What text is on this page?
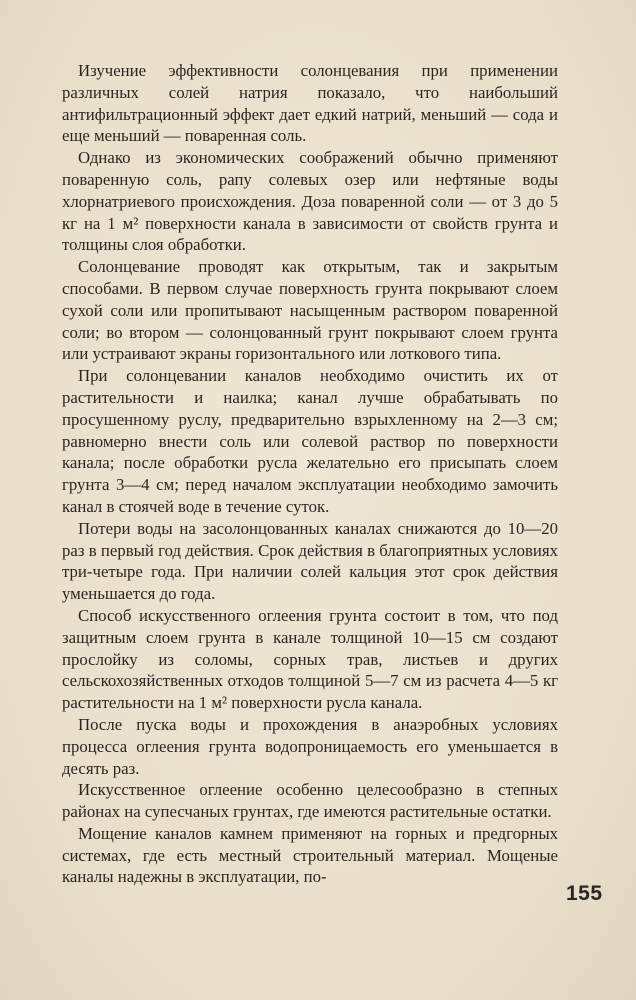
Изучение эффективности солонцевания при применении различных солей натрия показало, что наибольший антифильтрационный эффект дает едкий натрий, меньший — сода и еще меньший — поваренная соль.

Однако из экономических соображений обычно применяют поваренную соль, рапу солевых озер или нефтяные воды хлорнатриевого происхождения. Доза поваренной соли — от 3 до 5 кг на 1 м² поверхности канала в зависимости от свойств грунта и толщины слоя обработки.

Солонцевание проводят как открытым, так и закрытым способами. В первом случае поверхность грунта покрывают слоем сухой соли или пропитывают насыщенным раствором поваренной соли; во втором — солонцованный грунт покрывают слоем грунта или устраивают экраны горизонтального или лоткового типа.

При солонцевании каналов необходимо очистить их от растительности и наилка; канал лучше обрабатывать по просушенному руслу, предварительно взрыхленному на 2—3 см; равномерно внести соль или солевой раствор по поверхности канала; после обработки русла желательно его присыпать слоем грунта 3—4 см; перед началом эксплуатации необходимо замочить канал в стоячей воде в течение суток.

Потери воды на засолонцованных каналах снижаются до 10—20 раз в первый год действия. Срок действия в благоприятных условиях три-четыре года. При наличии солей кальция этот срок действия уменьшается до года.

Способ искусственного оглеения грунта состоит в том, что под защитным слоем грунта в канале толщиной 10—15 см создают прослойку из соломы, сорных трав, листьев и других сельскохозяйственных отходов толщиной 5—7 см из расчета 4—5 кг растительности на 1 м² поверхности русла канала.

После пуска воды и прохождения в анаэробных условиях процесса оглеения грунта водопроницаемость его уменьшается в десять раз.

Искусственное оглеение особенно целесообразно в степных районах на супесчаных грунтах, где имеются растительные остатки.

Мощение каналов камнем применяют на горных и предгорных системах, где есть местный строительный материал. Мощеные каналы надежны в эксплуатации, по-

155
